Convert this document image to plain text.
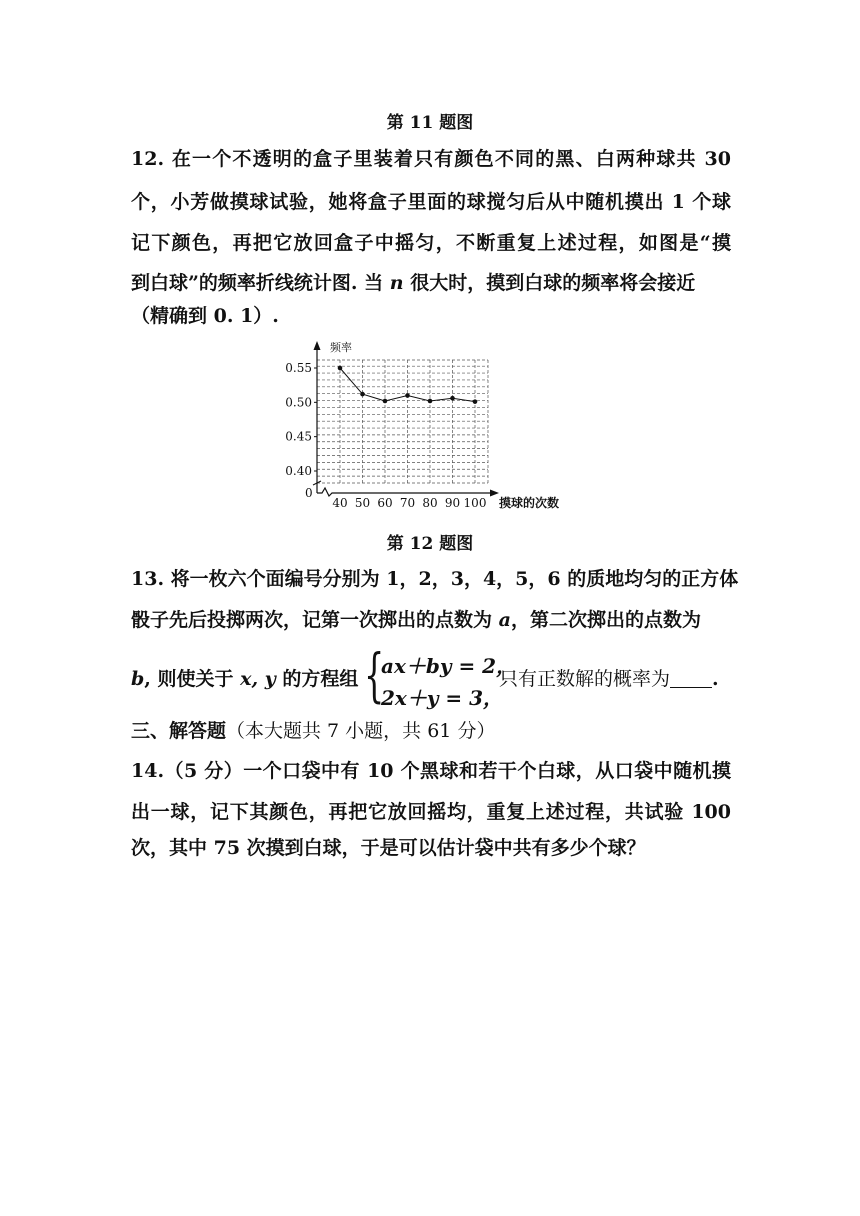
第 11 题图
12. 在一个不透明的盒子里装着只有颜色不同的黑、白两种球共 30
个，小芳做摸球试验，她将盒子里面的球搅匀后从中随机摸出 1 个球
记下颜色，再把它放回盒子中摇匀，不断重复上述过程，如图是“摸
到白球”的频率折线统计图. 当 n 很大时，摸到白球的频率将会接近
（精确到 0. 1）.
0.40
0.45
0.50
0.55
40 50 60 70 80 90 100
频率
摸球的次数
0
第 12 题图
13. 将一枚六个面编号分别为 1，2，3，4，5，6 的质地均匀的正方体
骰子先后投掷两次，记第一次掷出的点数为 a，第二次掷出的点数为
b, 则使关于 x, y 的方程组 {
ax＋by = 2，
2x＋y = 3，
只有正数解的概率为 .
三、解答题（本大题共 7 小题，共 61 分）
14.（5 分）一个口袋中有 10 个黑球和若干个白球，从口袋中随机摸
出一球，记下其颜色，再把它放回摇均，重复上述过程，共试验 100
次，其中 75 次摸到白球，于是可以估计袋中共有多少个球？
